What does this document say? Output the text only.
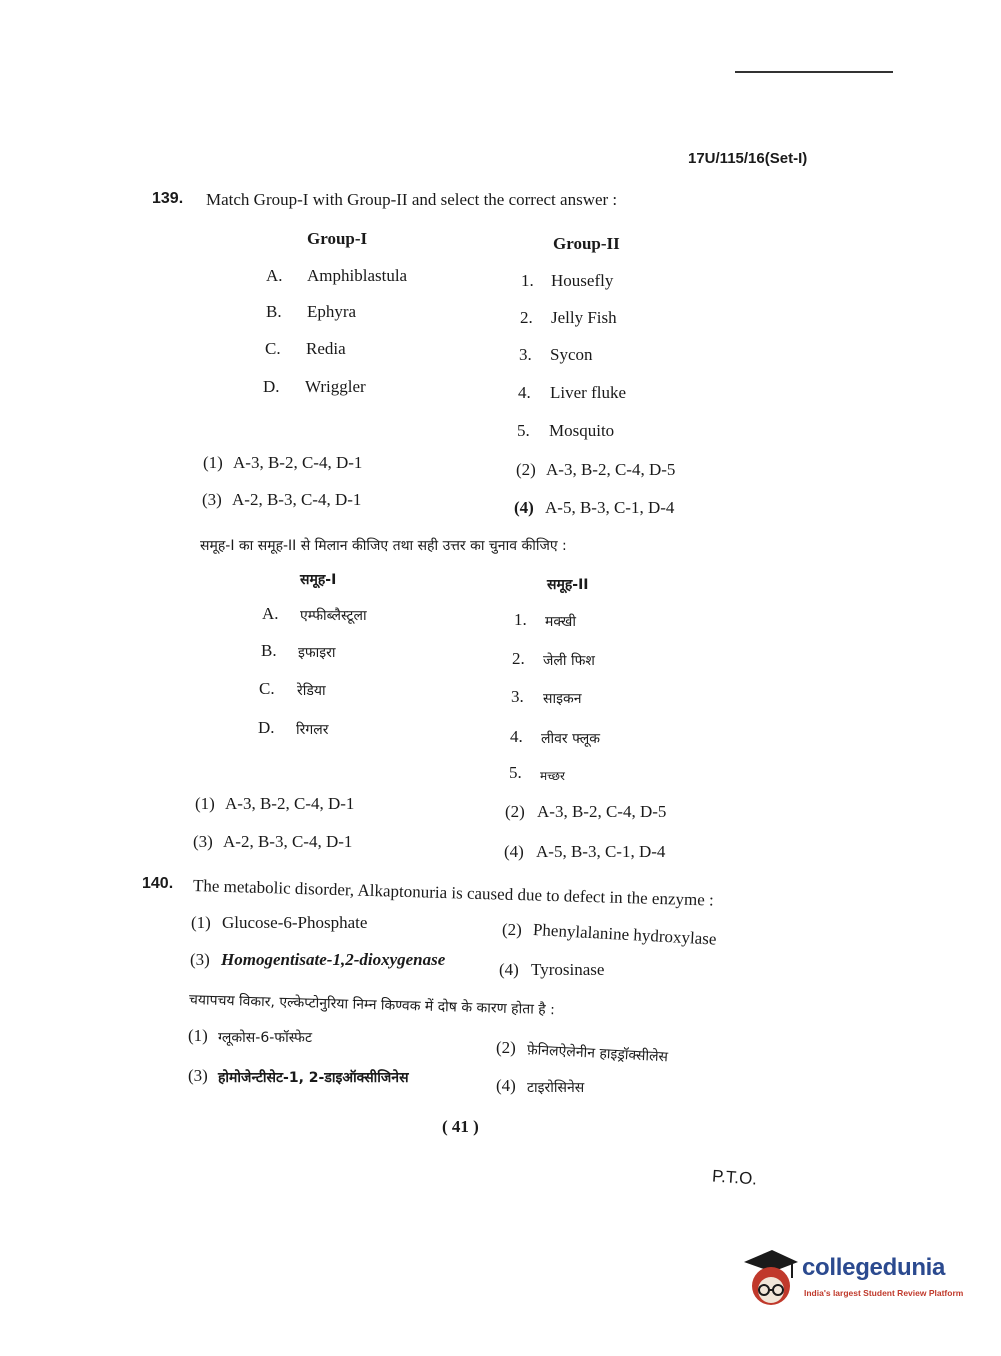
17U/115/16(Set-I)
139. Match Group-I with Group-II and select the correct answer :
Group-I	Group-II
A. Amphiblastula
B. Ephyra
C. Redia
D. Wriggler
1. Housefly
2. Jelly Fish
3. Sycon
4. Liver fluke
5. Mosquito
(1) A-3, B-2, C-4, D-1	(2) A-3, B-2, C-4, D-5
(3) A-2, B-3, C-4, D-1	(4) A-5, B-3, C-1, D-4
समूह-I का समूह-II से मिलान कीजिए तथा सही उत्तर का चुनाव कीजिए :
समूह-I	समूह-II
A. एम्फीब्लैस्टूला
B. इफाइरा
C. रेडिया
D. रिगलर
1. मक्खी
2. जेली फिश
3. साइकन
4. लीवर फ्लूक
5. मच्छर
(1) A-3, B-2, C-4, D-1	(2) A-3, B-2, C-4, D-5
(3) A-2, B-3, C-4, D-1
(4) A-5, B-3, C-1, D-4
140. The metabolic disorder, Alkaptonuria is caused due to defect in the enzyme :
(1) Glucose-6-Phosphate	(2) Phenylalanine hydroxylase
(3) Homogentisate-1,2-dioxygenase
(4) Tyrosinase
चयापचय विकार, एल्केप्टोनुरिया निम्न किण्वक में दोष के कारण होता है :
(1) ग्लूकोस-6-फॉस्फेट	(2) फ़ेनिलऐलेनीन हाइड्रॉक्सीलेस
(3) होमोजेन्टीसेट-1, 2-डाइऑक्सीजिनेस	(4) टाइरोसिनेस
( 41 )
P.T.O.
collegedunia
India's largest Student Review Platform
